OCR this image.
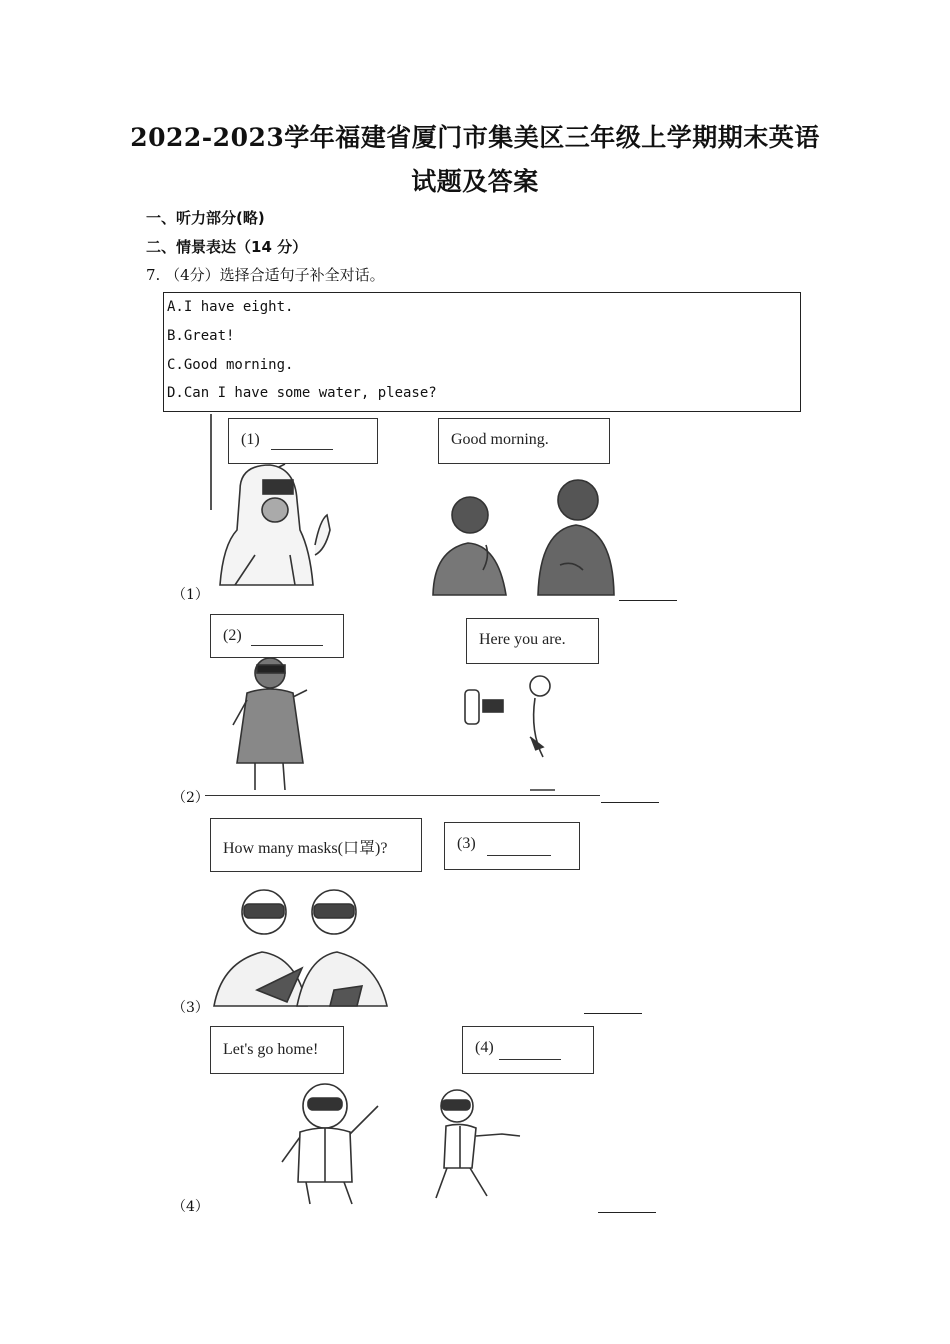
2022-2023学年福建省厦门市集美区三年级上学期期末英语
试题及答案
一、听力部分(略)
二、情景表达（14 分）
7. （4分）选择合适句子补全对话。
A.I have eight.
B.Great!
C.Good morning.
D.Can I have some water, please?
(1)	Good morning.
（1）
(2)	Here you are.
（2）
How many masks(口罩)?	(3)
（3）
Let's go home!	(4)
（4）
